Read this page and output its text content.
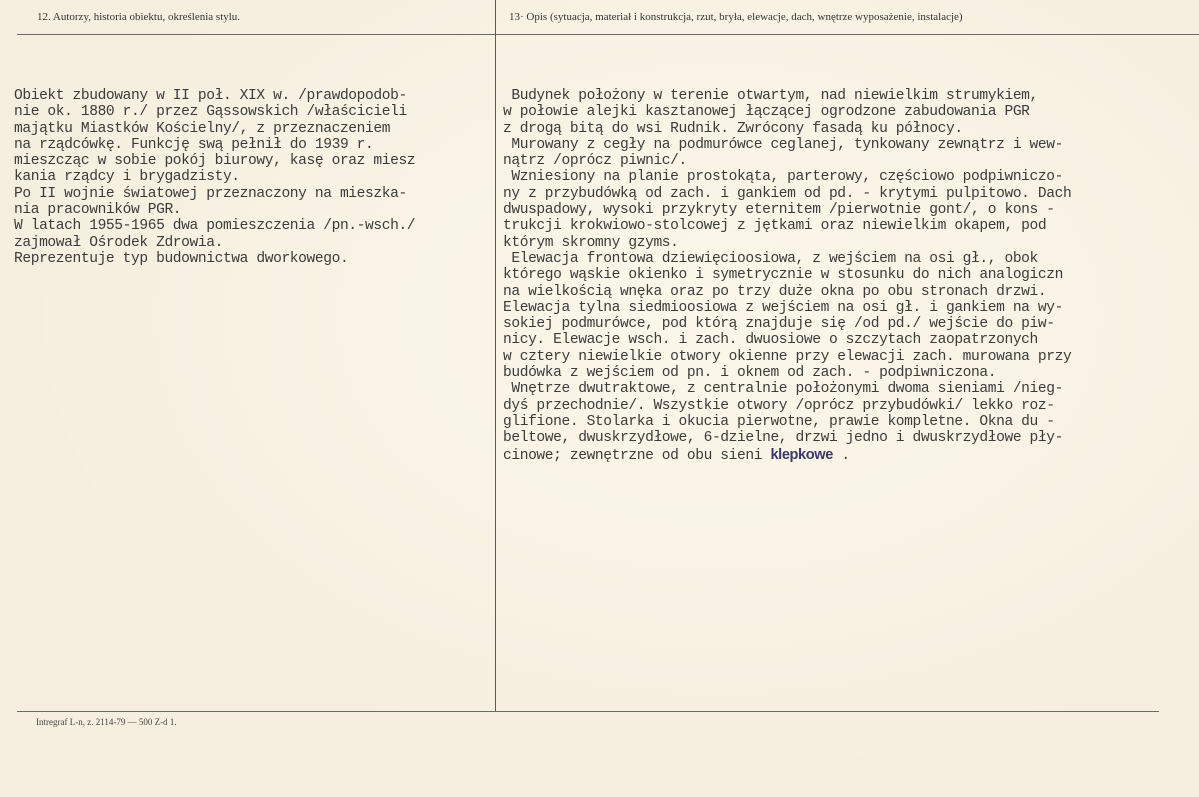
12. Autorzy, historia obiektu, określenia stylu.	13· Opis (sytuacja, materiał i konstrukcja, rzut, bryła, elewacje, dach, wnętrze wyposażenie, instalacje)
Obiekt zbudowany w II poł. XIX w. /prawdopodob-
nie ok. 1880 r./ przez Gąssowskich /właścicieli
majątku Miastków Kościelny/, z przeznaczeniem
na rządcówkę. Funkcję swą pełnił do 1939 r.
mieszcząc w sobie pokój biurowy, kasę oraz miesz
kania rządcy i brygadzisty.
Po II wojnie światowej przeznaczony na mieszka-
nia pracowników PGR.
W latach 1955-1965 dwa pomieszczenia /pn.-wsch./
zajmował Ośrodek Zdrowia.
Reprezentuje typ budownictwa dworkowego.
Budynek położony w terenie otwartym, nad niewielkim strumykiem,
w połowie alejki kasztanowej łączącej ogrodzone zabudowania PGR
z drogą bitą do wsi Rudnik. Zwrócony fasadą ku północy.
Murowany z cegły na podmurówce ceglanej, tynkowany zewnątrz i wew-
nątrz /oprócz piwnic/.
Wzniesiony na planie prostokąta, parterowy, częściowo podpiwniczo-
ny z przybudówką od zach. i gankiem od pd. - krytymi pulpitowo. Dach
dwuspadowy, wysoki przykryty eternitem /pierwotnie gont/, o kons -
trukcji krokwiowo-stolcowej z jętkami oraz niewielkim okapem, pod
którym skromny gzyms.
Elewacja frontowa dziewięcioosiowa, z wejściem na osi gł., obok
którego wąskie okienko i symetrycznie w stosunku do nich analogiczn
na wielkością wnęka oraz po trzy duże okna po obu stronach drzwi.
Elewacja tylna siedmioosiowa z wejściem na osi gł. i gankiem na wy-
sokiej podmurówce, pod którą znajduje się /od pd./ wejście do piw-
nicy. Elewacje wsch. i zach. dwuosiowe o szczytach zaopatrzonych
w cztery niewielkie otwory okienne przy elewacji zach. murowana przy
budówka z wejściem od pn. i oknem od zach. - podpiwniczona.
Wnętrze dwutraktowe, z centralnie położonymi dwoma sieniami /nieg-
dyś przechodnie/. Wszystkie otwory /oprócz przybudówki/ lekko roz-
glifione. Stolarka i okucia pierwotne, prawie kompletne. Okna du -
beltowe, dwuskrzydłowe, 6-dzielne, drzwi jedno i dwuskrzydłowe pły-
cinowe; zewnętrzne od obu sieni klepkowe .
Intregraf L-n, z. 2114-79 — 500 Z-d 1.
